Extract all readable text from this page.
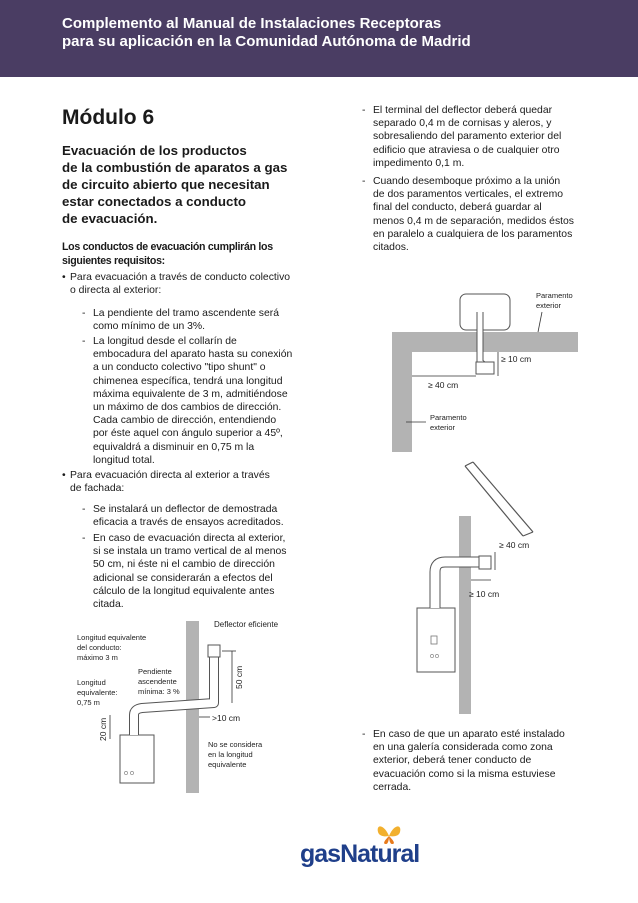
Complemento al Manual de Instalaciones Receptoras
para su aplicación en la Comunidad Autónoma de Madrid
Módulo 6
Evacuación de los productos
de la combustión de aparatos a gas
de circuito abierto que necesitan
estar conectados a conducto
de evacuación.
Los conductos de evacuación cumplirán los
siguientes requisitos:
• Para evacuación a través de conducto colectivo
o directa al exterior:
- La pendiente del tramo ascendente será
como mínimo de un 3%.
- La longitud desde el collarín de
embocadura del aparato hasta su conexión
a un conducto colectivo "tipo shunt" o
chimenea específica, tendrá una longitud
máxima equivalente de 3 m, admitiéndose
un máximo de dos cambios de dirección.
Cada cambio de dirección, entendiendo
por éste aquel con ángulo superior a 45º,
equivaldrá a disminuir en 0,75 m la
longitud total.
• Para evacuación directa al exterior a través
de fachada:
- Se instalará un deflector de demostrada
eficacia a través de ensayos acreditados.
- En caso de evacuación directa al exterior,
si se instala un tramo vertical de al menos
50 cm, ni éste ni el cambio de dirección
adicional se considerarán a efectos del
cálculo de la longitud equivalente antes
citada.
- El terminal del deflector deberá quedar
separado 0,4 m de cornisas y aleros, y
sobresaliendo del paramento exterior del
edificio que atraviesa o de cualquier otro
impedimento 0,1 m.
- Cuando desemboque próximo a la unión
de dos paramentos verticales, el extremo
final del conducto, deberá guardar al
menos 0,4 m de separación, medidos éstos
en paralelo a cualquiera de los paramentos
citados.
- En caso de que un aparato esté instalado
en una galería considerada como zona
exterior, deberá tener conducto de
evacuación como si la misma estuviese
cerrada.
≥ 10 cm
≥ 40 cm
Paramento
exterior
Paramento
exterior
≥ 40 cm
≥ 10 cm
50 cm
>10 cm
20 cm
Deflector eficiente
Longitud equivalente
del conducto:
máximo 3 m
Pendiente
ascendente
mínima: 3 %
Longitud
equivalente:
0,75 m
No se considera
en la longitud
equivalente
gasNatural
